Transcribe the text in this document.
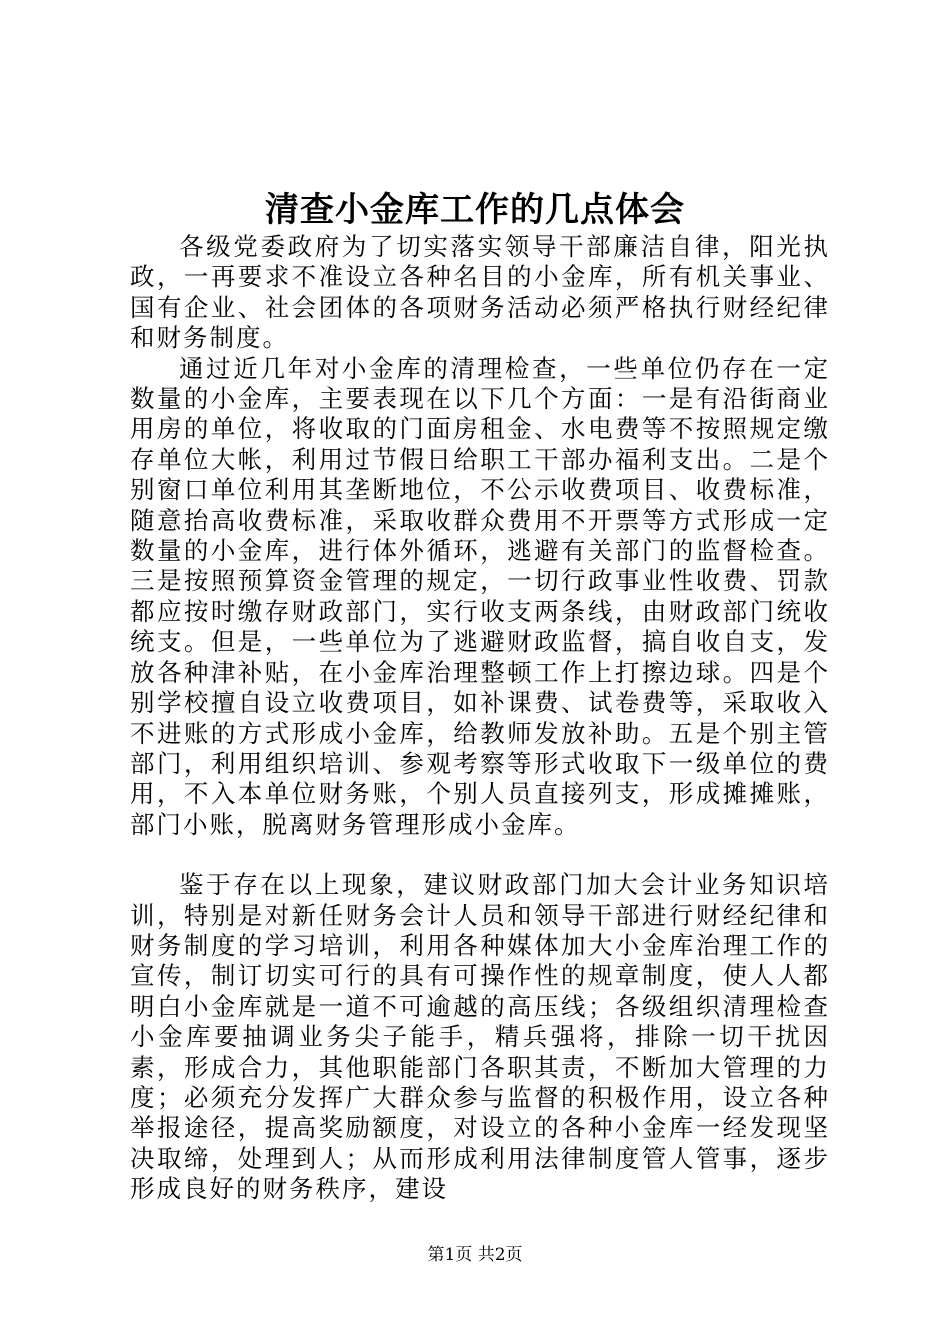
清查小金库工作的几点体会

各级党委政府为了切实落实领导干部廉洁自律，阳光执政，一再要求不准设立各种名目的小金库，所有机关事业、国有企业、社会团体的各项财务活动必须严格执行财经纪律和财务制度。

通过近几年对小金库的清理检查，一些单位仍存在一定数量的小金库，主要表现在以下几个方面：一是有沿街商业用房的单位，将收取的门面房租金、水电费等不按照规定缴存单位大帐，利用过节假日给职工干部办福利支出。二是个别窗口单位利用其垄断地位，不公示收费项目、收费标准，随意抬高收费标准，采取收群众费用不开票等方式形成一定数量的小金库，进行体外循环，逃避有关部门的监督检查。三是按照预算资金管理的规定，一切行政事业性收费、罚款都应按时缴存财政部门，实行收支两条线，由财政部门统收统支。但是，一些单位为了逃避财政监督，搞自收自支，发放各种津补贴，在小金库治理整顿工作上打擦边球。四是个别学校擅自设立收费项目，如补课费、试卷费等，采取收入不进账的方式形成小金库，给教师发放补助。五是个别主管部门，利用组织培训、参观考察等形式收取下一级单位的费用，不入本单位财务账，个别人员直接列支，形成摊摊账，部门小账，脱离财务管理形成小金库。

鉴于存在以上现象，建议财政部门加大会计业务知识培训，特别是对新任财务会计人员和领导干部进行财经纪律和财务制度的学习培训，利用各种媒体加大小金库治理工作的宣传，制订切实可行的具有可操作性的规章制度，使人人都明白小金库就是一道不可逾越的高压线；各级组织清理检查小金库要抽调业务尖子能手，精兵强将，排除一切干扰因素，形成合力，其他职能部门各职其责，不断加大管理的力度；必须充分发挥广大群众参与监督的积极作用，设立各种举报途径，提高奖励额度，对设立的各种小金库一经发现坚决取缔，处理到人；从而形成利用法律制度管人管事，逐步形成良好的财务秩序，建设

第1页 共2页
